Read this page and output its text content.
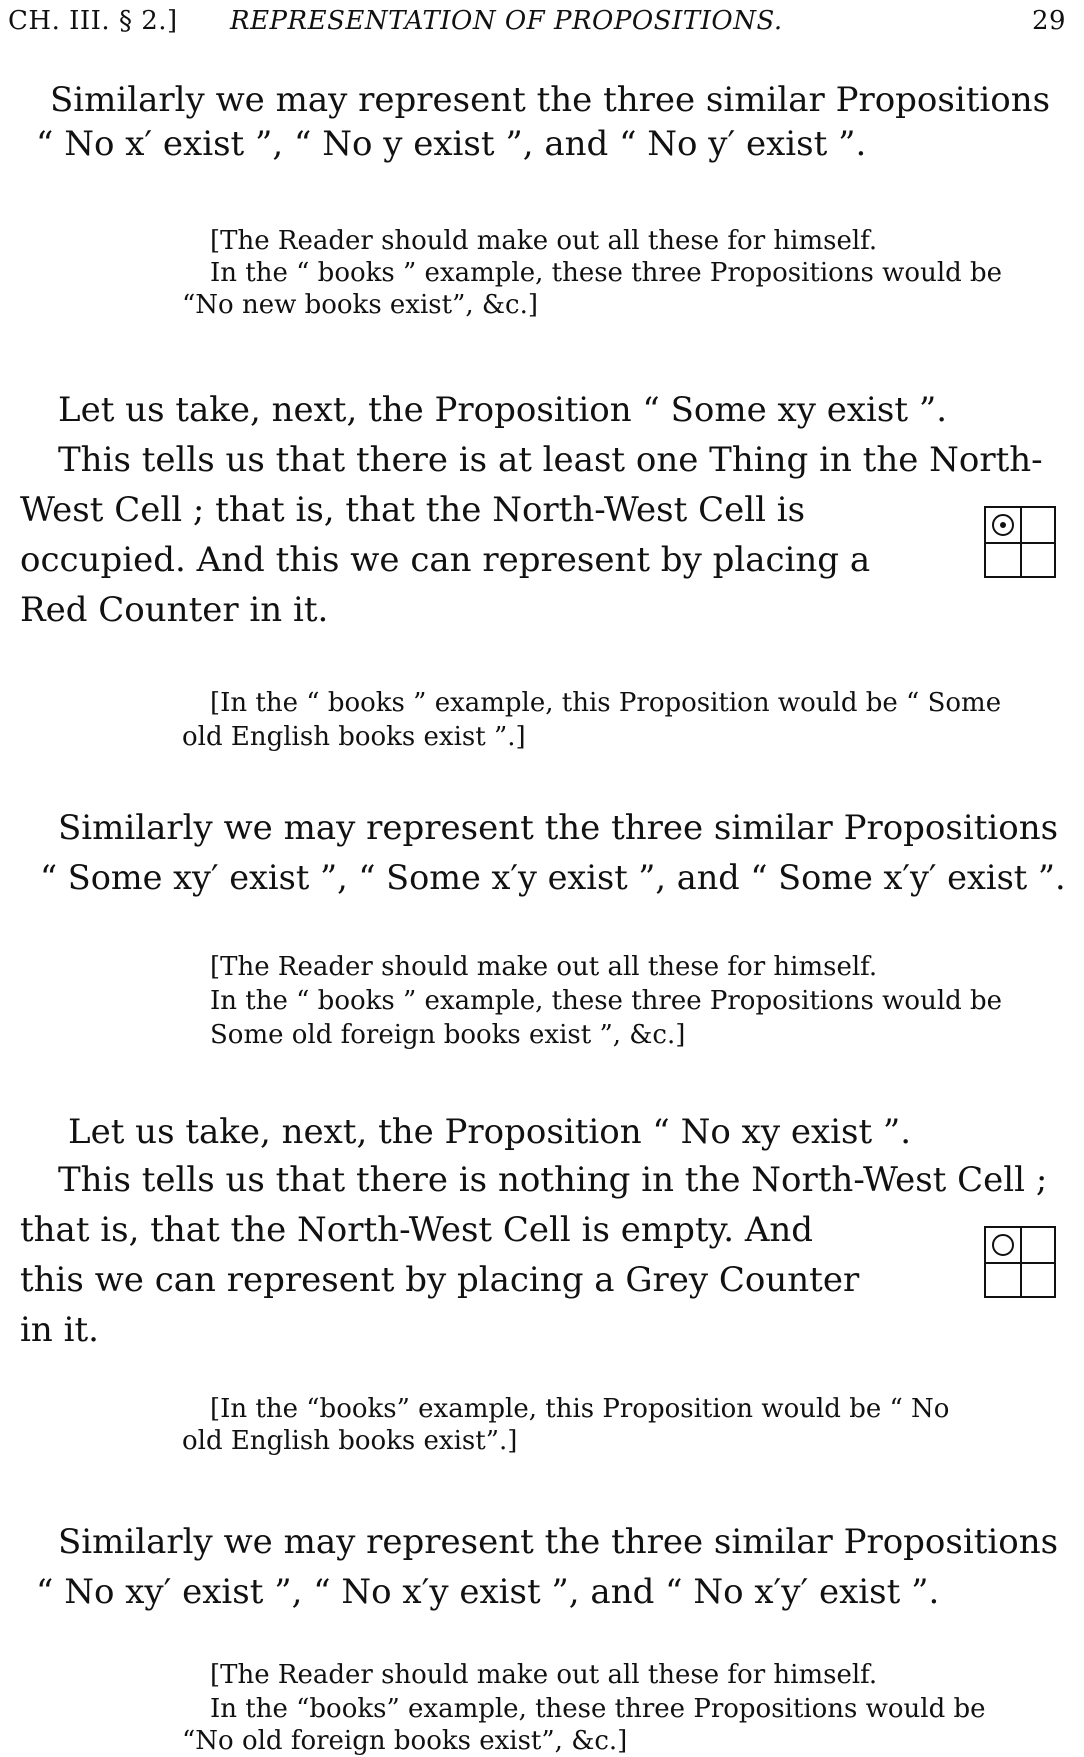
CH. III. § 2.] REPRESENTATION OF PROPOSITIONS.	29
Similarly we may represent the three similar Propositions
“ No x′ exist ”, “ No y exist ”, and “ No y′ exist ”.
[The Reader should make out all these for himself.
In the “ books ” example, these three Propositions would be
“No new books exist”, &c.]
Let us take, next, the Proposition “ Some xy exist ”.
This tells us that there is at least one Thing in the North-
West Cell ; that is, that the North-West Cell is
occupied. And this we can represent by placing a
Red Counter in it.
[In the “ books ” example, this Proposition would be “ Some
old English books exist ”.]
Similarly we may represent the three similar Propositions
“ Some xy′ exist ”, “ Some x′y exist ”, and “ Some x′y′ exist ”.
[The Reader should make out all these for himself.
In the “ books ” example, these three Propositions would be
Some old foreign books exist ”, &c.]
Let us take, next, the Proposition “ No xy exist ”.
This tells us that there is nothing in the North-West Cell ;
that is, that the North-West Cell is empty. And
this we can represent by placing a Grey Counter
in it.
[In the “books” example, this Proposition would be “ No
old English books exist”.]
Similarly we may represent the three similar Propositions
“ No xy′ exist ”, “ No x′y exist ”, and “ No x′y′ exist ”.
[The Reader should make out all these for himself.
In the “books” example, these three Propositions would be
“No old foreign books exist”, &c.]
